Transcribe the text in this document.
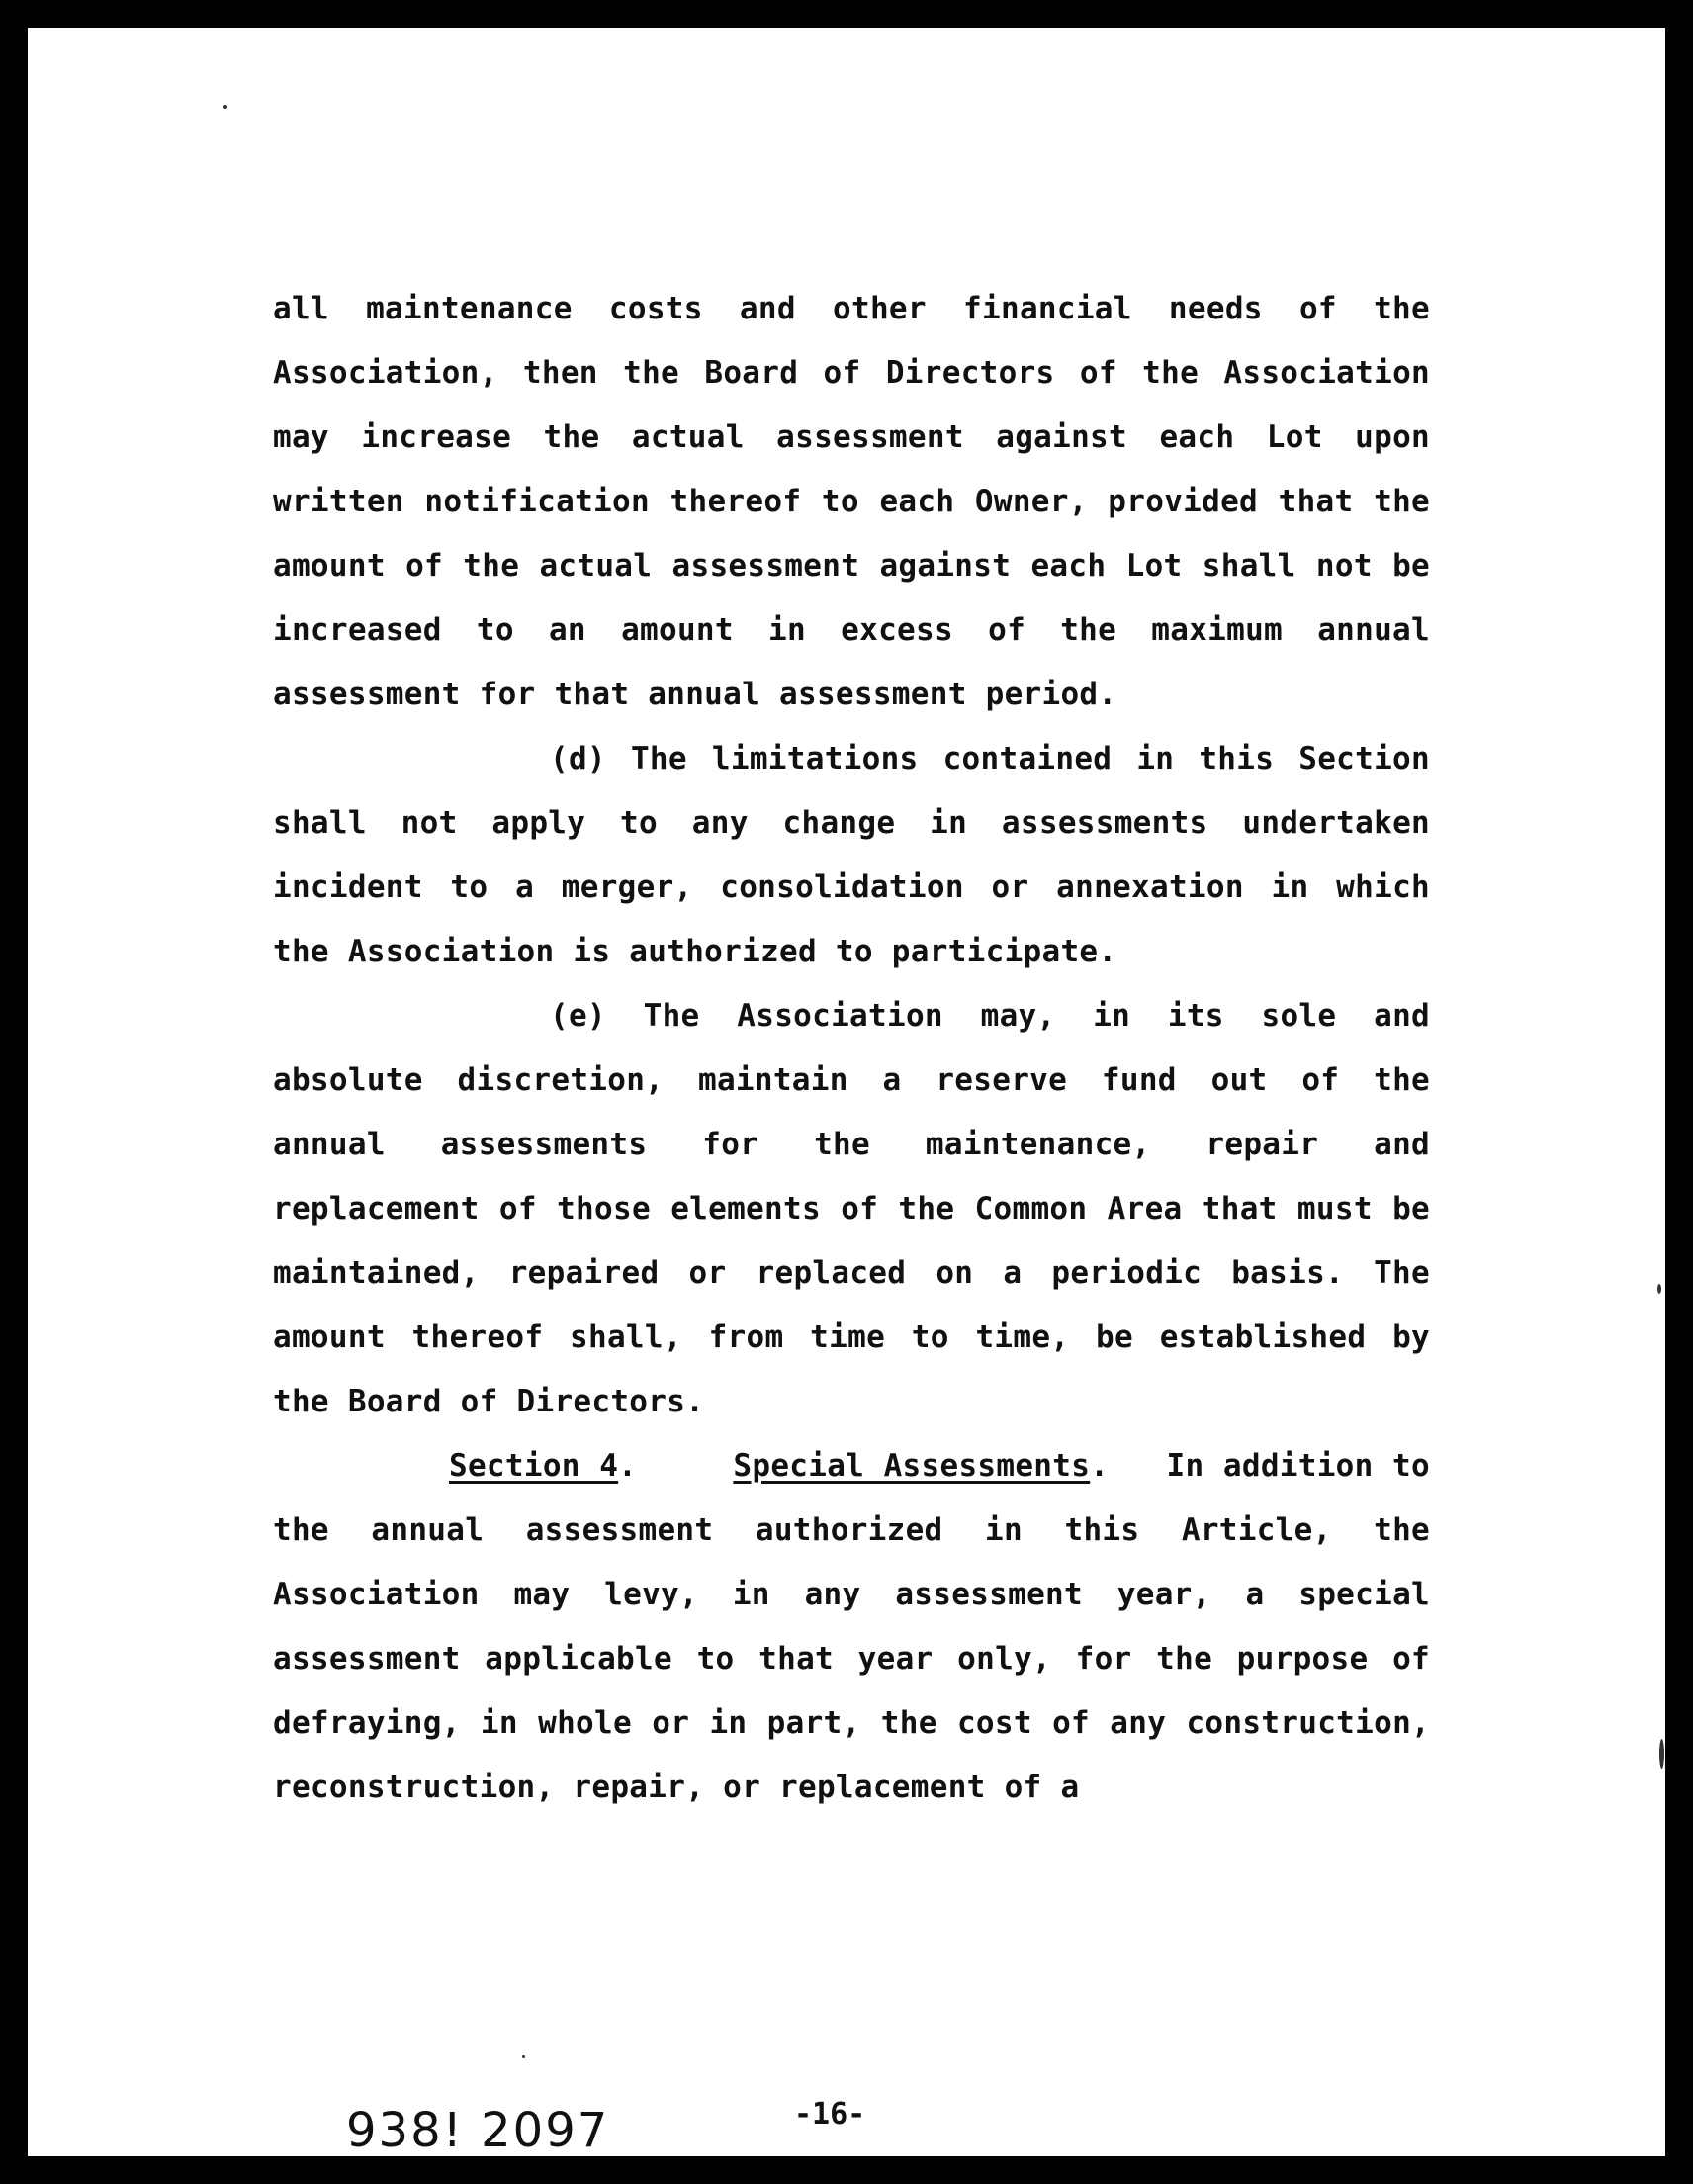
all maintenance costs and other financial needs of the Association, then the Board of Directors of the Association may increase the actual assessment against each Lot upon written notification thereof to each Owner, provided that the amount of the actual assessment against each Lot shall not be increased to an amount in excess of the maximum annual assessment for that annual assessment period.

(d) The limitations contained in this Section shall not apply to any change in assessments undertaken incident to a merger, consolidation or annexation in which the Association is authorized to participate.

(e) The Association may, in its sole and absolute discretion, maintain a reserve fund out of the annual assessments for the maintenance, repair and replacement of those elements of the Common Area that must be maintained, repaired or replaced on a periodic basis. The amount thereof shall, from time to time, be established by the Board of Directors.

Section 4.     Special Assessments.   In addition to the annual assessment authorized in this Article, the Association may levy, in any assessment year, a special assessment applicable to that year only, for the purpose of defraying, in whole or in part, the cost of any construction, reconstruction, repair, or replacement of a

938! 2097	-16-
